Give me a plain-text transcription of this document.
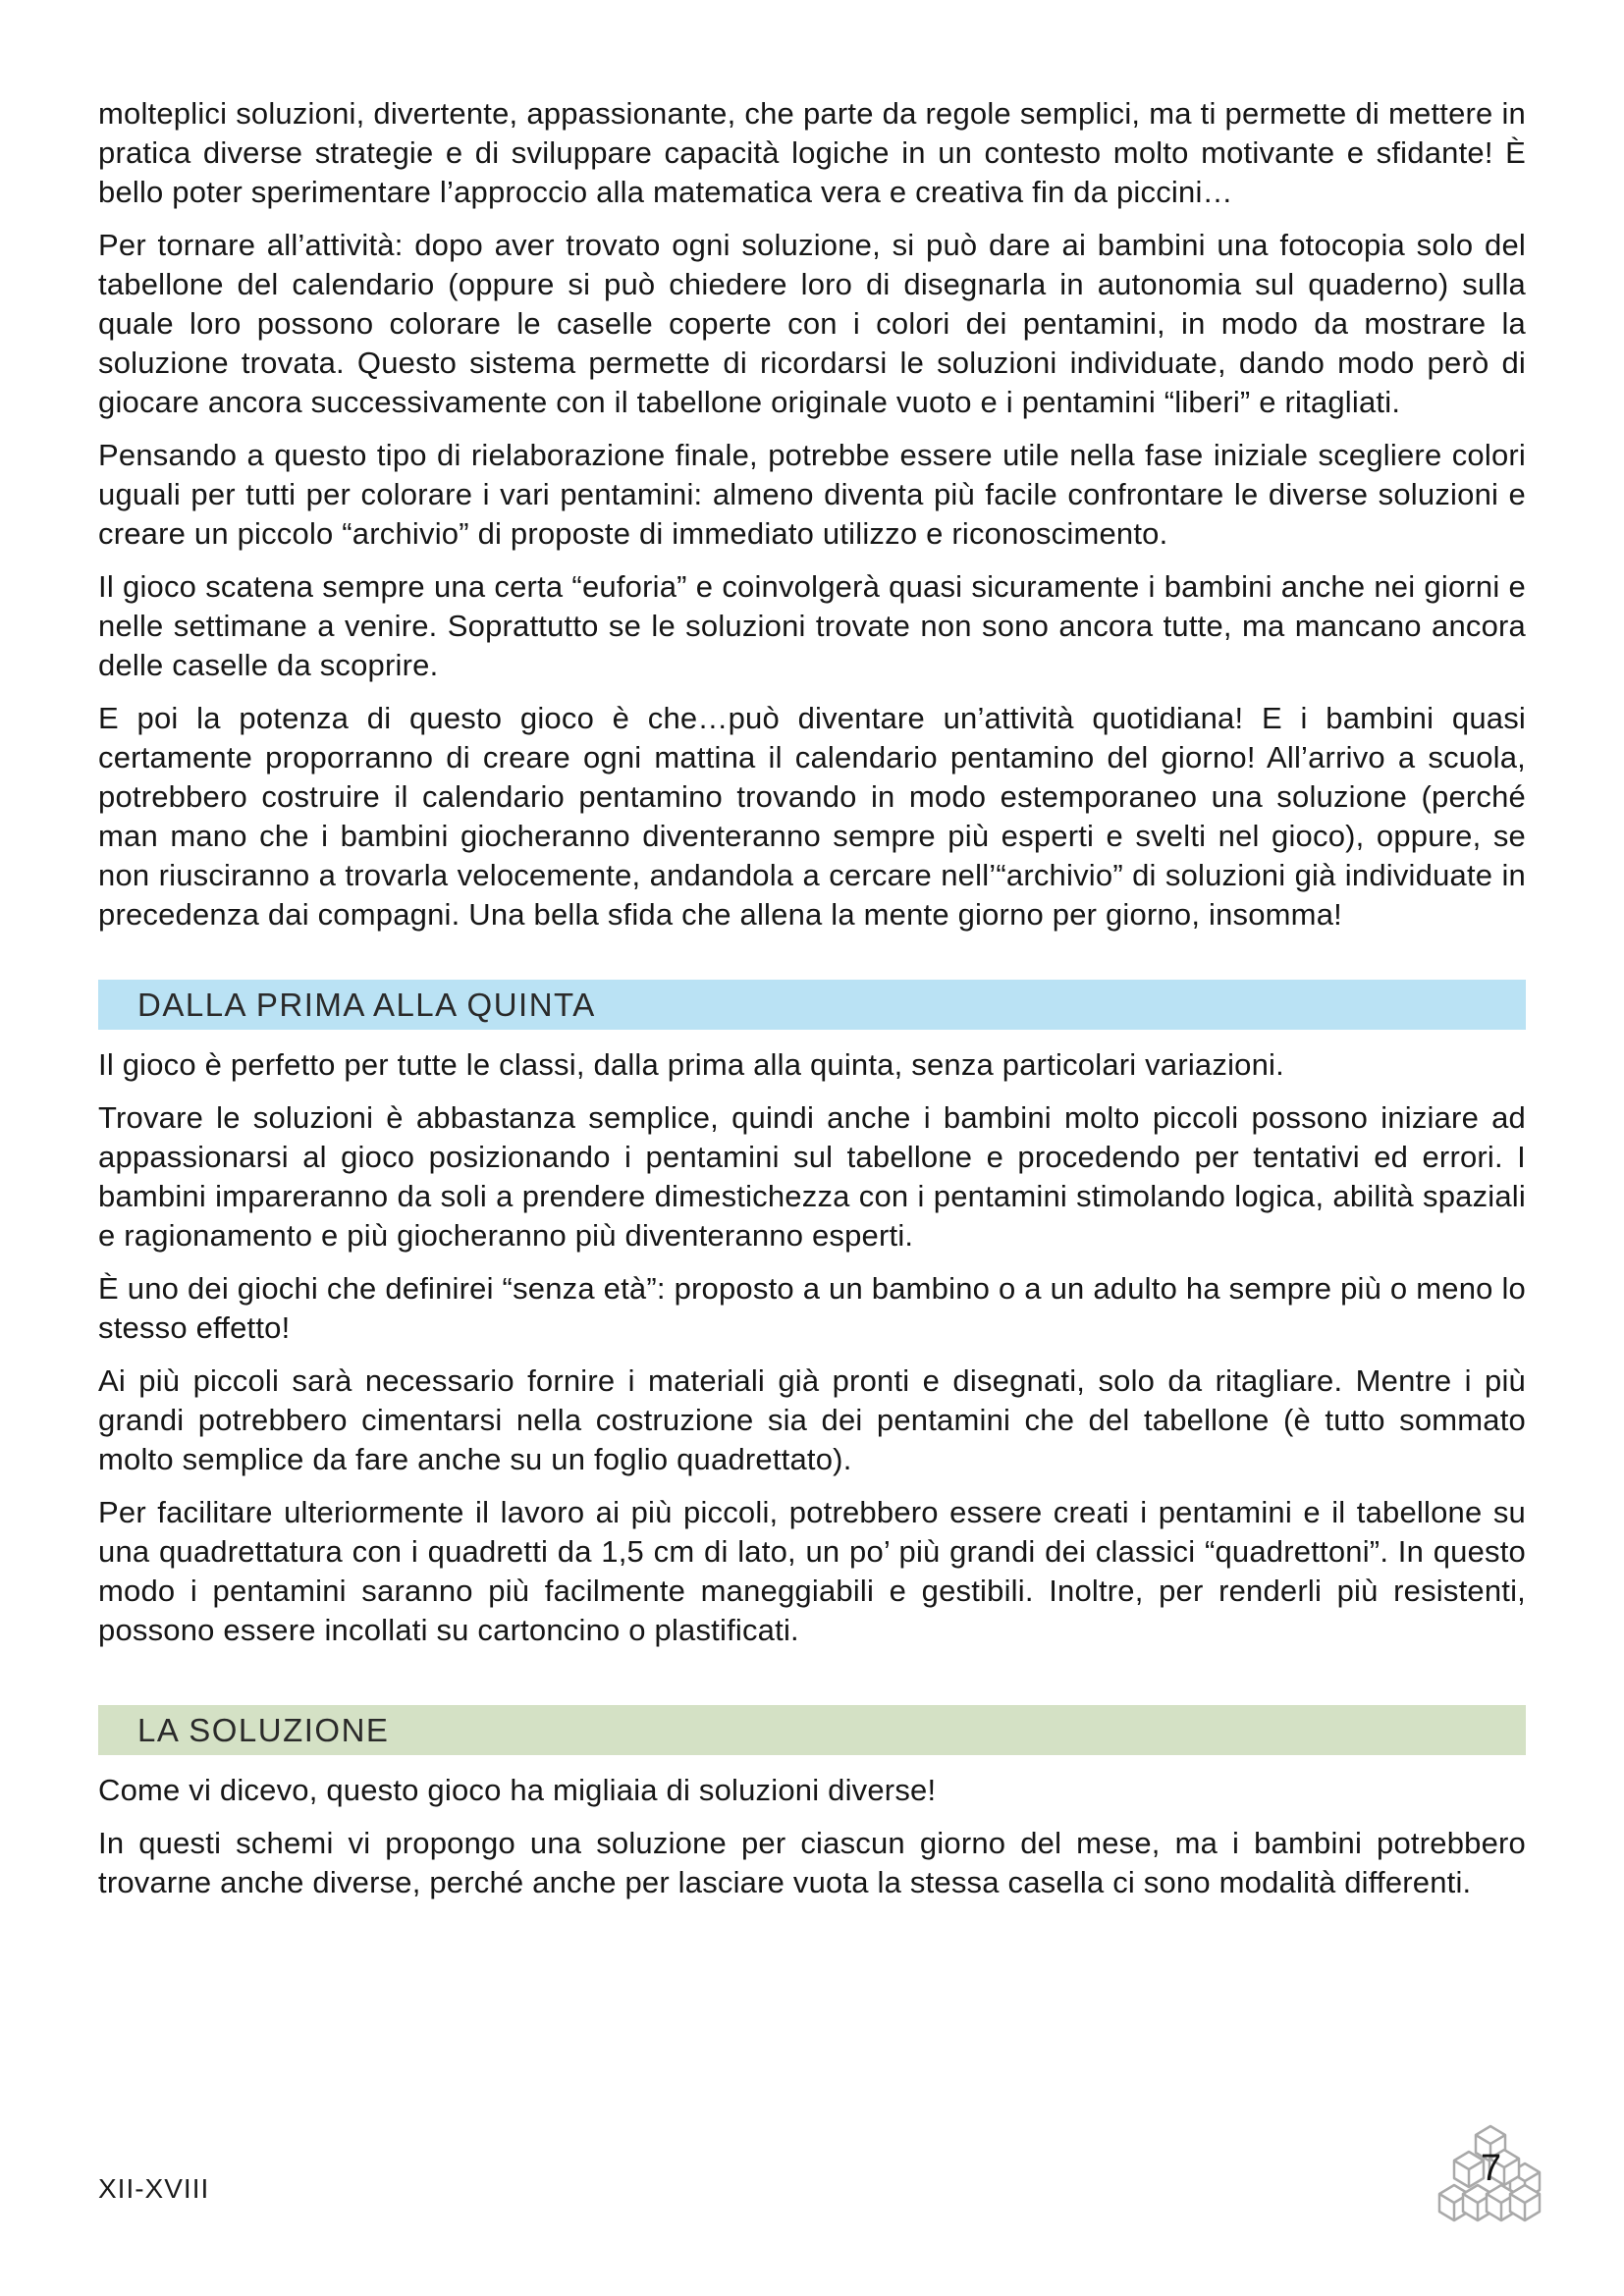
molteplici soluzioni, divertente, appassionante, che parte da regole semplici, ma ti permette di mettere in pratica diverse strategie e di sviluppare capacità logiche in un contesto molto motivante e sfidante! È bello poter sperimentare l’approccio alla matematica vera e creativa fin da piccini…

Per tornare all’attività: dopo aver trovato ogni soluzione, si può dare ai bambini una fotocopia solo del tabellone del calendario (oppure si può chiedere loro di disegnarla in autonomia sul quaderno) sulla quale loro possono colorare le caselle coperte con i colori dei pentamini, in modo da mostrare la soluzione trovata. Questo sistema permette di ricordarsi le soluzioni individuate, dando modo però di giocare ancora successivamente con il tabellone originale vuoto e i pentamini “liberi” e ritagliati.

Pensando a questo tipo di rielaborazione finale, potrebbe essere utile nella fase iniziale scegliere colori uguali per tutti per colorare i vari pentamini: almeno diventa più facile confrontare le diverse soluzioni e creare un piccolo “archivio” di proposte di immediato utilizzo e riconoscimento.

Il gioco scatena sempre una certa “euforia” e coinvolgerà quasi sicuramente i bambini anche nei giorni e nelle settimane a venire. Soprattutto se le soluzioni trovate non sono ancora tutte, ma mancano ancora delle caselle da scoprire.

E poi la potenza di questo gioco è che…può diventare un’attività quotidiana! E i bambini quasi certamente proporranno di creare ogni mattina il calendario pentamino del giorno! All’arrivo a scuola, potrebbero costruire il calendario pentamino trovando in modo estemporaneo una soluzione (perché man mano che i bambini giocheranno diventeranno sempre più esperti e svelti nel gioco), oppure, se non riusciranno a trovarla velocemente, andandola a cercare nell’“archivio” di soluzioni già individuate in precedenza dai compagni. Una bella sfida che allena la mente giorno per giorno, insomma!

DALLA PRIMA ALLA QUINTA

Il gioco è perfetto per tutte le classi, dalla prima alla quinta, senza particolari variazioni.

Trovare le soluzioni è abbastanza semplice, quindi anche i bambini molto piccoli possono iniziare ad appassionarsi al gioco posizionando i pentamini sul tabellone e procedendo per tentativi ed errori. I bambini impareranno da soli a prendere dimestichezza con i pentamini stimolando logica, abilità spaziali e ragionamento e più giocheranno più diventeranno esperti.

È uno dei giochi che definirei “senza età”: proposto a un bambino o a un adulto ha sempre più o meno lo stesso effetto!

Ai più piccoli sarà necessario fornire i materiali già pronti e disegnati, solo da ritagliare. Mentre i più grandi potrebbero cimentarsi nella costruzione sia dei pentamini che del tabellone (è tutto sommato molto semplice da fare anche su un foglio quadrettato).

Per facilitare ulteriormente il lavoro ai più piccoli, potrebbero essere creati i pentamini e il tabellone su una quadrettatura con i quadretti da 1,5 cm di lato, un po’ più grandi dei classici “quadrettoni”. In questo modo i pentamini saranno più facilmente maneggiabili e gestibili. Inoltre, per renderli più resistenti, possono essere incollati su cartoncino o plastificati.

LA SOLUZIONE

Come vi dicevo, questo gioco ha migliaia di soluzioni diverse!

In questi schemi vi propongo una soluzione per ciascun giorno del mese, ma i bambini potrebbero trovarne anche diverse, perché anche per lasciare vuota la stessa casella ci sono modalità differenti.

XII-XVIII	7
